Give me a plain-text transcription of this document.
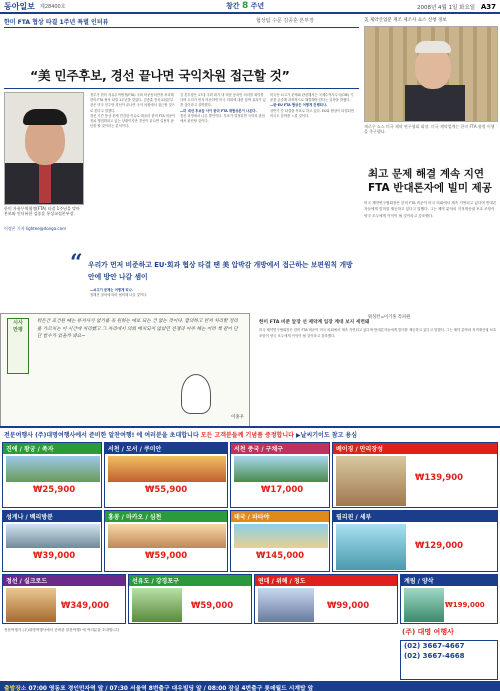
동아일보 제28400호	창간 8 주년	2008년 4월 1일 화요일 A37
한미 FTA 협상 타결 1주년 특별 인터뷰	협상팀 수문 김종훈 본부장
“美 민주후보, 경선 끝나면 국익차원 접근할 것”
한미 자유무역협정(FTA) 타결 1주년을 맞아 본보와 인터뷰한 김종훈 통상교섭본부장.
이정은 기자 lightee@donga.com

정부가 한미 자유무역협정(FTA) 국회 비준동의안을 처리해 한미 FTA 협상 타결 1주년을 맞았다. 김종훈 통상교섭본부장은 미국 민주당 경선이 끝나면 국익 차원에서 접근할 것으로 본다고 말했다.

경선 기간 통상 문제 민감한 이슈로 떠올라 한미 FTA 비준이 정치 쟁점화되고 있는 상황이지만 경선이 끝나면 실용적 판단을 할 것이라는 분석이다.

김 본부장은 17대 국회 회기 내 비준 동의안 처리를 희망한다며 우리가 먼저 비준하면 미국 의회에 대한 압박 효과가 있을 것이라고 설명했다.

―미 대선 후보들 사이 한미 FTA 재협상론이 나온다.

경선 과정에서 나온 발언이다. 후보가 결정되면 국익의 관점에서 판단할 것이다.

미국산 쇠고기 문제와 관련해서는 국제수역사무국(OIE) 기준을 존중해 과학적으로 해결해야 한다는 입장을 밝혔다.

―한-EU FTA 협상은 어떻게 진행되나.

상반기 중 타결을 목표로 하고 있다. EU와 협상이 타결되면 미국도 압박을 느낄 것이다.

“ 우리가 먼저 비준하고 EU·회과 협상 타결 땐 美 압박감 개방에서 접근하는 보편원칙 개방안에 방안 나갈 셈이

―쇠고기 문제는 어떻게 되나.

정해진 절차에 따라 협의해 나갈 것이다.

美 제약산업분 계조 제조사 쇼스 신청 경보
제로우 쇼스 미국 제약 연구협회 회장. 미국 제약업계는 한미 FTA 협정 이행을 촉구했다.
최고 문제 해결 계속 지연 FTA 반대론자에 빌미 제공
미국 제약연구협회장은 한미 FTA 비준이 미국 의회에서 계속 지연되고 있다며 반대론자들에게 빌미를 제공하고 있다고 말했다. 그는 제약 분야의 지적재산권 보호 조항이 양국 모두에게 이익이 될 것이라고 강조했다.
워싱턴=이기홍 특파원
한미 FTA 비준 앞장 선 제약계 입장 계대 보지 세련돼
미국 제약연구협회장은 한미 FTA 비준이 미국 의회에서 계속 지연되고 있다며 반대론자들에게 빌미를 제공하고 있다고 말했다. 그는 제약 분야의 지적재산권 보호 조항이 양국 모두에게 이익이 될 것이라고 강조했다.
시사
만평
뭐든간 조건된 때는 뮤지사가 없기를 꼭 원하는 대로 되는 건 없는 것이다. 합의하고 먼저 처리할 정리를 가르치는 이 시간에 처리했고 그 자리에서 의회 배치되지 않았던 전쟁과 아주 해는 어려 책 같이 단단 함수가 있을까 봐요~
이홍우
전문여행사 (주)대명여행사에서 준비한 알찬여행! 에 여러분을 초대합니다 모든 고객분들께 기념품 증정합니다 ▶날씨기이도 참고 용심
진에 / 왕궁 / 족자
₩25,900
서천 / 모서 / 쿠미안
₩55,900
서천 중국 / 구채구
₩17,000
베이징 / 만리장성
₩139,900
성게나 / 백리방분
₩39,000
홍콩 / 마카오 / 심천
₩59,000
태국 / 파타야
₩145,000
필리핀 / 세부
₩129,000
정선 / 실크로드
₩349,000
선유도 / 강경포구
₩59,000
연대 / 위해 / 청도
₩99,000
계림 / 양삭
₩199,000
전문여행사 (주)대명여행사에서 준비한 알찬여행! 에 여러분을 초대합니다	(주) 대명 여행사
(02) 3667-4667
(02) 3667-4668
출발장소 07:00 영동포 경인민자역 앞 / 07:30 서울역 8번출구 대우빌딩 앞 / 08:00 잠실 4번출구 롯데월드 시계탑 앞
